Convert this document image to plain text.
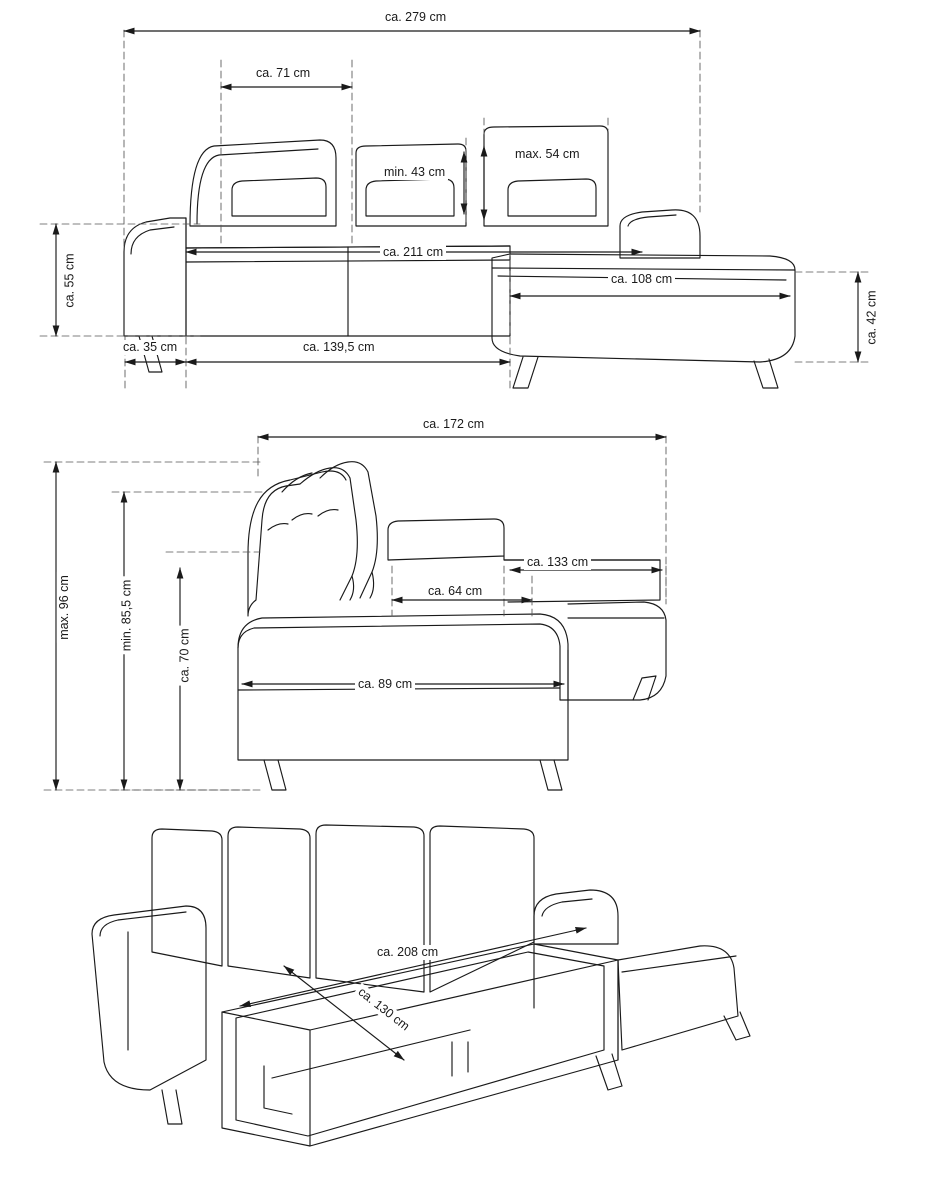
ca. 279 cm
ca. 71 cm
min. 43 cm
max. 54 cm
ca. 211 cm
ca. 108 cm
ca. 55 cm
ca. 42 cm
ca. 35 cm	ca. 139,5 cm
ca. 172 cm
max. 96 cm	min. 85,5 cm
ca. 70 cm
ca. 133 cm
ca. 64 cm
ca. 89 cm
ca. 208 cm
ca. 130 cm
